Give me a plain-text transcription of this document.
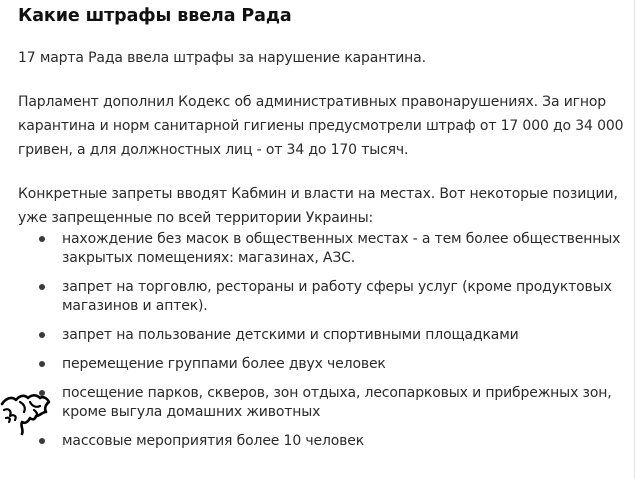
Какие штрафы ввела Рада

17 марта Рада ввела штрафы за нарушение карантина.

Парламент дополнил Кодекс об административных правонарушениях. За игнор карантина и норм санитарной гигиены предусмотрели штраф от 17 000 до 34 000 гривен, а для должностных лиц - от 34 до 170 тысяч.

Конкретные запреты вводят Кабмин и власти на местах. Вот некоторые позиции, уже запрещенные по всей территории Украины:

нахождение без масок в общественных местах - а тем более общественных закрытых помещениях: магазинах, АЗС.
запрет на торговлю, рестораны и работу сферы услуг (кроме продуктовых магазинов и аптек).
запрет на пользование детскими и спортивными площадками
перемещение группами более двух человек
посещение парков, скверов, зон отдыха, лесопарковых и прибрежных зон, кроме выгула домашних животных
массовые мероприятия более 10 человек
